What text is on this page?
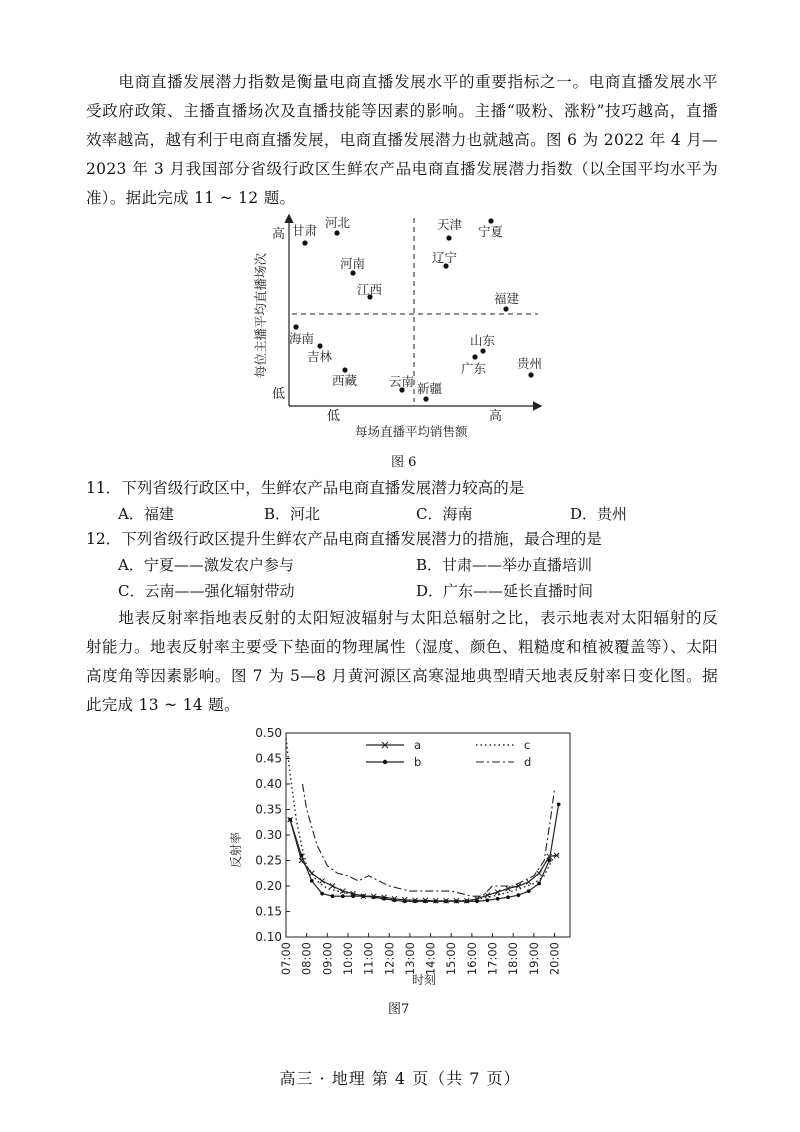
电商直播发展潜力指数是衡量电商直播发展水平的重要指标之一。电商直播发展水平受政府政策、主播直播场次及直播技能等因素的影响。主播“吸粉、涨粉”技巧越高，直播效率越高，越有利于电商直播发展，电商直播发展潜力也就越高。图 6 为 2022 年 4 月—2023 年 3 月我国部分省级行政区生鲜农产品电商直播发展潜力指数（以全国平均水平为准）。据此完成 11 ~ 12 题。
高
低
每位主播平均直播场次
低	高
每场直播平均销售额
甘肃
河北	天津 宁夏
辽宁
河南
江西
福建
海南
吉林
山东
广东 贵州
西藏	云南 新疆
图 6
11．下列省级行政区中，生鲜农产品电商直播发展潜力较高的是
A．福建	B．河北	C．海南	D．贵州
12．下列省级行政区提升生鲜农产品电商直播发展潜力的措施，最合理的是
A．宁夏——激发农户参与	B．甘肃——举办直播培训
C．云南——强化辐射带动	D．广东——延长直播时间
地表反射率指地表反射的太阳短波辐射与太阳总辐射之比，表示地表对太阳辐射的反射能力。地表反射率主要受下垫面的物理属性（湿度、颜色、粗糙度和植被覆盖等）、太阳高度角等因素影响。图 7 为 5—8 月黄河源区高寒湿地典型晴天地表反射率日变化图。据此完成 13 ~ 14 题。
0.10
0.15
0.20
0.25
0.30
0.35
0.40
0.45
0.50
07:00 08:00 09:00 10:00 11:00 12:00 13:00 14:00 15:00 16:00 17:00 18:00 19:00 20:00
a	c
b	d
反射率
时刻
图7
高三 · 地理 第 4 页（共 7 页）
